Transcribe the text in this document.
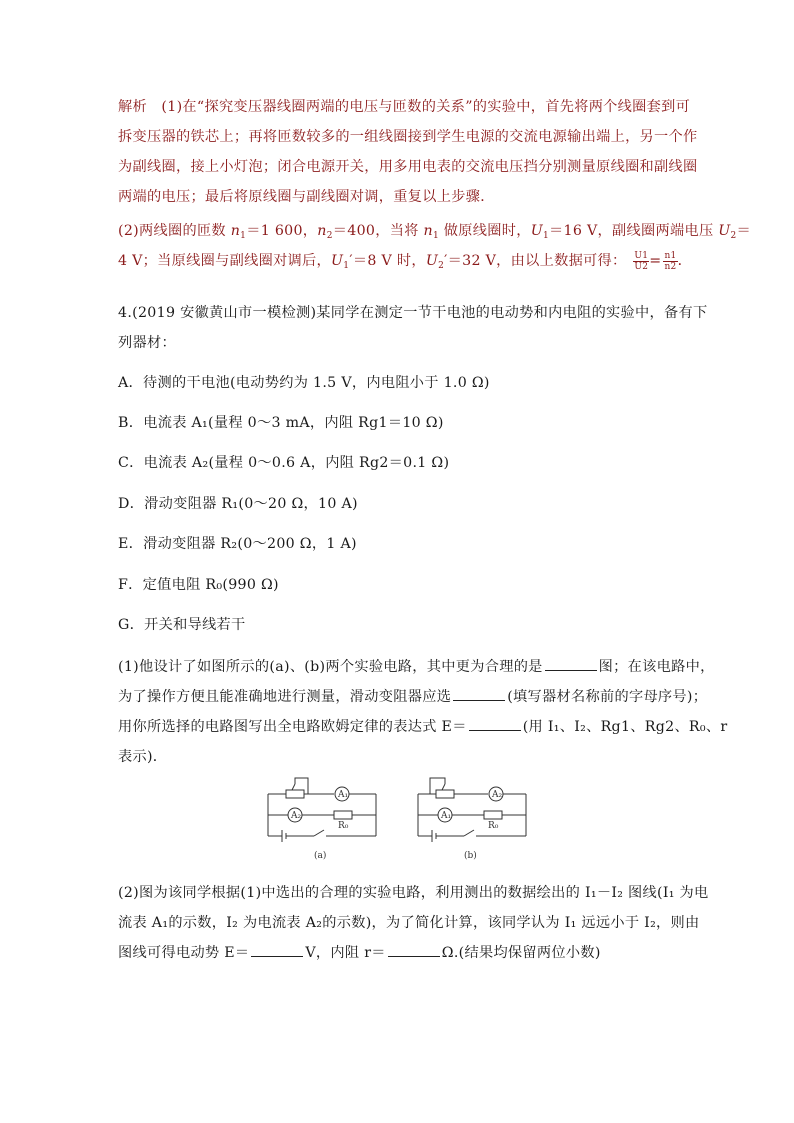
解析 (1)在“探究变压器线圈两端的电压与匝数的关系”的实验中，首先将两个线圈套到可
拆变压器的铁芯上；再将匝数较多的一组线圈接到学生电源的交流电源输出端上，另一个作
为副线圈，接上小灯泡；闭合电源开关，用多用电表的交流电压挡分别测量原线圈和副线圈
两端的电压；最后将原线圈与副线圈对调，重复以上步骤．
(2)两线圈的匝数 $n_1=1$ 600，$n_2=400$，当将 $n_1$ 做原线圈时，$U_1=16$ V，副线圈两端电压 $U_2=$
4 V；当原线圈与副线圈对调后，$U_1'=8$ V 时，$U_2'=32$ V，由以上数据可得： $\frac{U1}{U2} = \frac{n1}{n2}$ ．
4.(2019 安徽黄山市一模检测)某同学在测定一节干电池的电动势和内电阻的实验中，备有下
列器材：
A．待测的干电池(电动势约为 1.5 V，内电阻小于 1.0 Ω)
B．电流表 A₁(量程 0～3 mA，内阻 Rg1＝10 Ω)
C．电流表 A₂(量程 0～0.6 A，内阻 Rg2＝0.1 Ω)
D．滑动变阻器 R₁(0～20 Ω，10 A)
E．滑动变阻器 R₂(0～200 Ω，1 A)
F．定值电阻 R₀(990 Ω)
G．开关和导线若干
(1)他设计了如图所示的(a)、(b)两个实验电路，其中更为合理的是	图；在该电路中，
为了操作方便且能准确地进行测量，滑动变阻器应选	(填写器材名称前的字母序号)；
用你所选择的电路图写出全电路欧姆定律的表达式 E＝	(用 I₁、I₂、Rg1、Rg2、R₀、r
表示)．
A₁
A₂
R₀
(a)
A₂
A₁
R₀
(b)
(2)图为该同学根据(1)中选出的合理的实验电路，利用测出的数据绘出的 I₁－I₂ 图线(I₁ 为电
流表 A₁的示数，I₂ 为电流表 A₂的示数)，为了简化计算，该同学认为 I₁ 远远小于 I₂，则由
图线可得电动势 E＝	V，内阻 r＝	Ω.(结果均保留两位小数)
